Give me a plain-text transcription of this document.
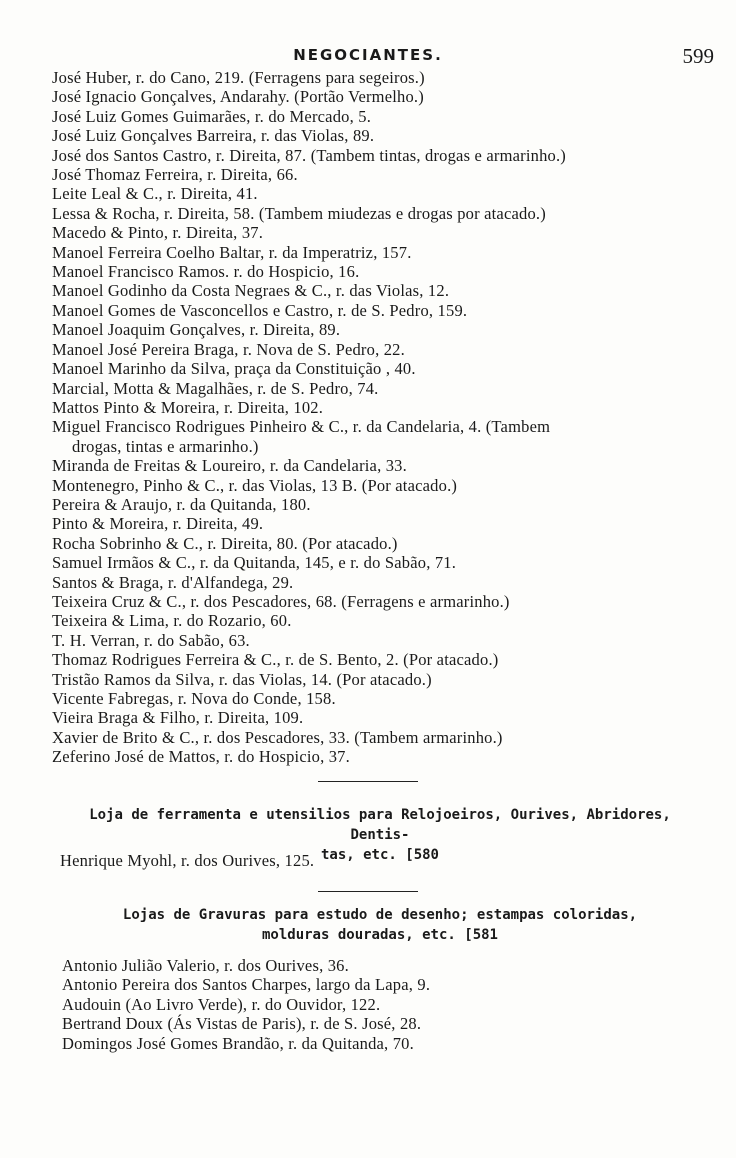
NEGOCIANTES.	599
José Huber, r. do Cano, 219. (Ferragens para segeiros.)
José Ignacio Gonçalves, Andarahy. (Portão Vermelho.)
José Luiz Gomes Guimarães, r. do Mercado, 5.
José Luiz Gonçalves Barreira, r. das Violas, 89.
José dos Santos Castro, r. Direita, 87. (Tambem tintas, drogas e armarinho.)
José Thomaz Ferreira, r. Direita, 66.
Leite Leal & C., r. Direita, 41.
Lessa & Rocha, r. Direita, 58. (Tambem miudezas e drogas por atacado.)
Macedo & Pinto, r. Direita, 37.
Manoel Ferreira Coelho Baltar, r. da Imperatriz, 157.
Manoel Francisco Ramos. r. do Hospicio, 16.
Manoel Godinho da Costa Negraes & C., r. das Violas, 12.
Manoel Gomes de Vasconcellos e Castro, r. de S. Pedro, 159.
Manoel Joaquim Gonçalves, r. Direita, 89.
Manoel José Pereira Braga, r. Nova de S. Pedro, 22.
Manoel Marinho da Silva, praça da Constituição , 40.
Marcial, Motta & Magalhães, r. de S. Pedro, 74.
Mattos Pinto & Moreira, r. Direita, 102.
Miguel Francisco Rodrigues Pinheiro & C., r. da Candelaria, 4. (Tambem
drogas, tintas e armarinho.)
Miranda de Freitas & Loureiro, r. da Candelaria, 33.
Montenegro, Pinho & C., r. das Violas, 13 B. (Por atacado.)
Pereira & Araujo, r. da Quitanda, 180.
Pinto & Moreira, r. Direita, 49.
Rocha Sobrinho & C., r. Direita, 80. (Por atacado.)
Samuel Irmãos & C., r. da Quitanda, 145, e r. do Sabão, 71.
Santos & Braga, r. d'Alfandega, 29.
Teixeira Cruz & C., r. dos Pescadores, 68. (Ferragens e armarinho.)
Teixeira & Lima, r. do Rozario, 60.
T. H. Verran, r. do Sabão, 63.
Thomaz Rodrigues Ferreira & C., r. de S. Bento, 2. (Por atacado.)
Tristão Ramos da Silva, r. das Violas, 14. (Por atacado.)
Vicente Fabregas, r. Nova do Conde, 158.
Vieira Braga & Filho, r. Direita, 109.
Xavier de Brito & C., r. dos Pescadores, 33. (Tambem armarinho.)
Zeferino José de Mattos, r. do Hospicio, 37.
Loja de ferramenta e utensilios para Relojoeiros, Ourives, Abridores, Dentis-
tas, etc. [580
Henrique Myohl, r. dos Ourives, 125.
Lojas de Gravuras para estudo de desenho; estampas coloridas,
molduras douradas, etc. [581
Antonio Julião Valerio, r. dos Ourives, 36.
Antonio Pereira dos Santos Charpes, largo da Lapa, 9.
Audouin (Ao Livro Verde), r. do Ouvidor, 122.
Bertrand Doux (Ás Vistas de Paris), r. de S. José, 28.
Domingos José Gomes Brandão, r. da Quitanda, 70.
